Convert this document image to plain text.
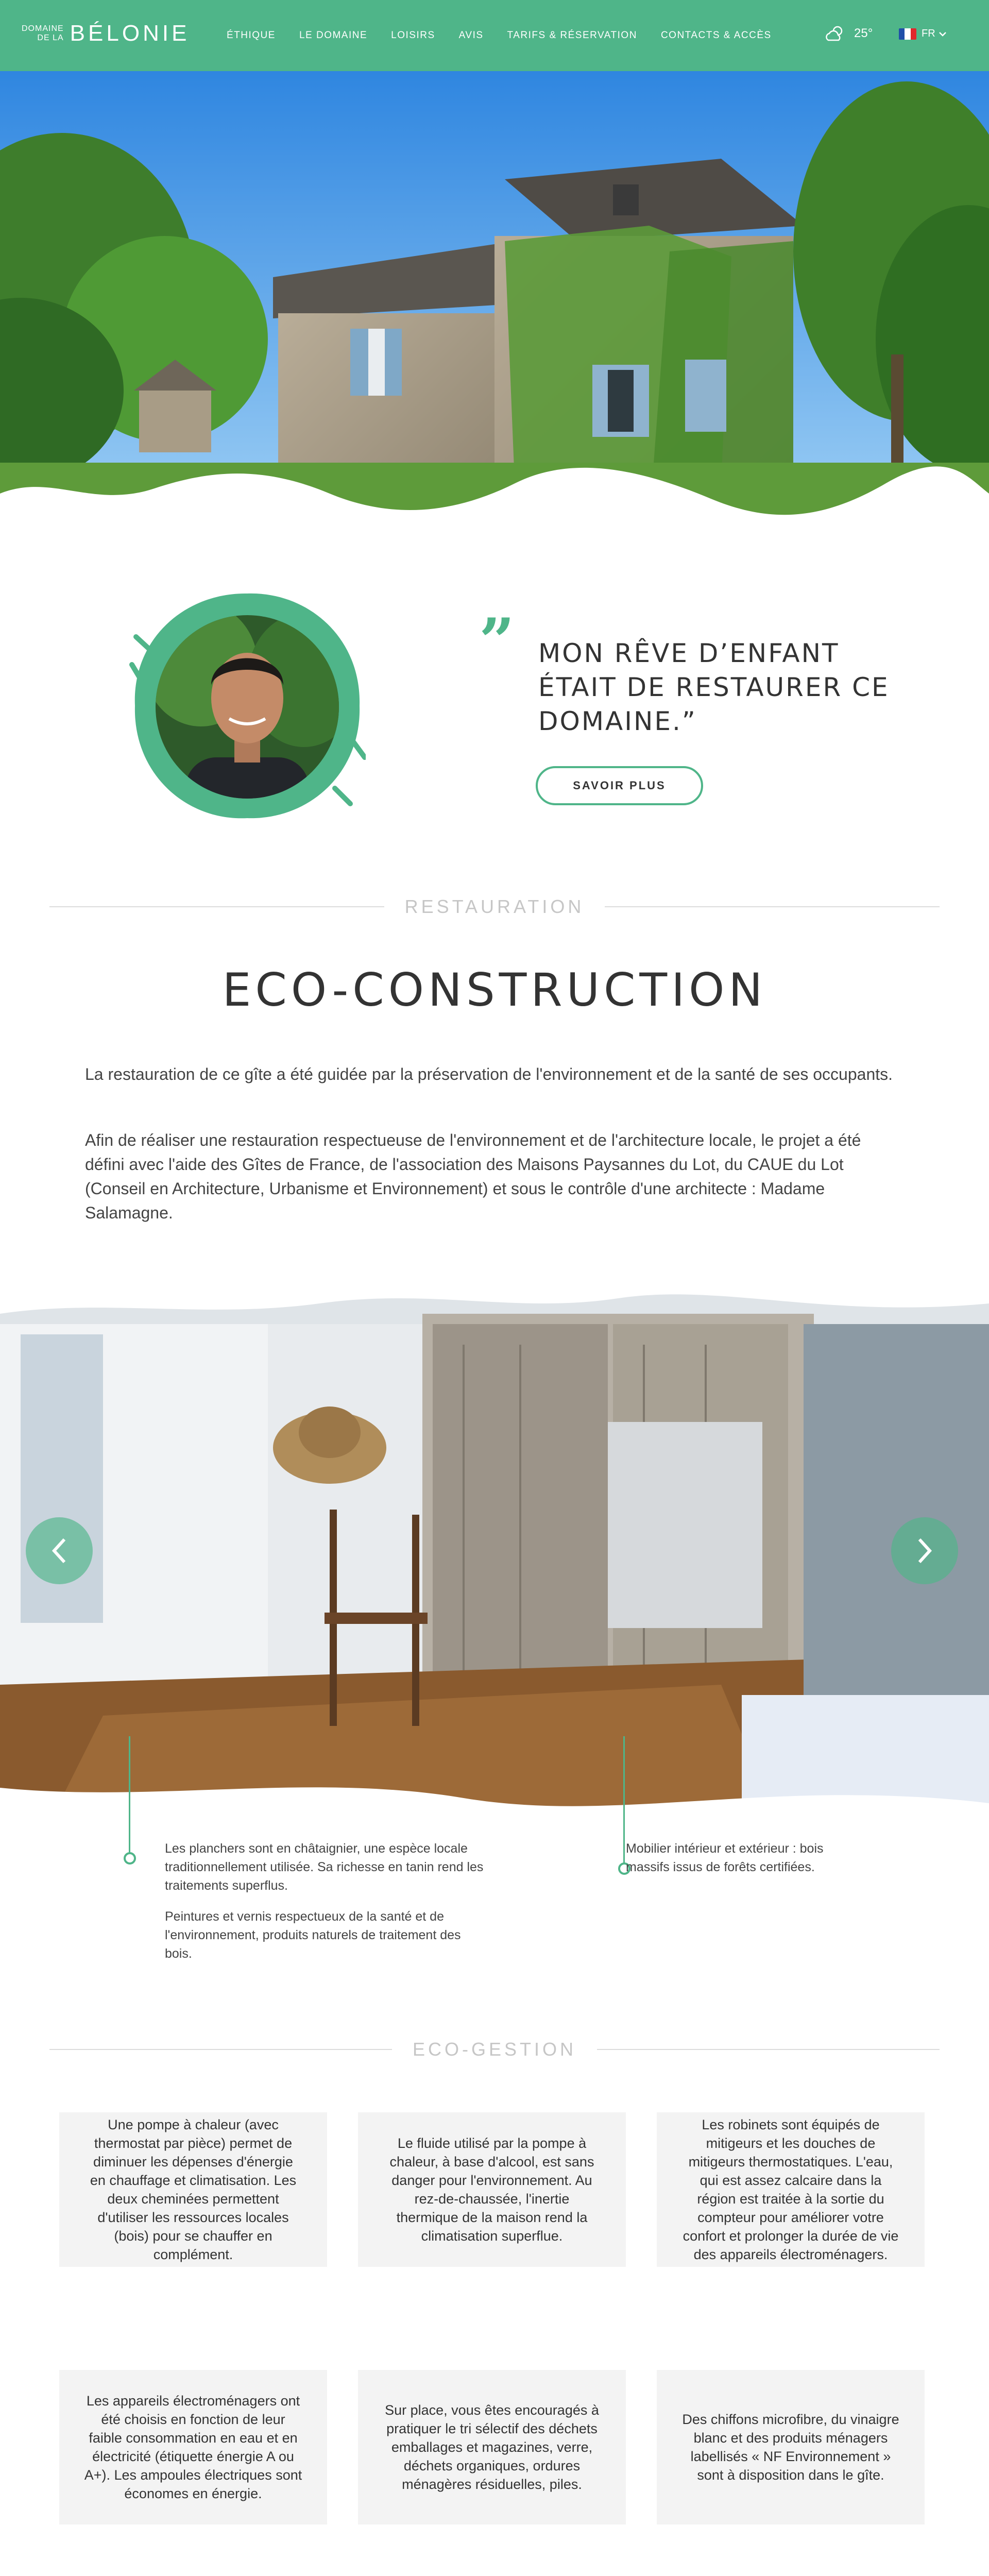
DOMAINE
DE LA BÉLONIE	ÉTHIQUE LE DOMAINE LOISIRS AVIS TARIFS & RÉSERVATION CONTACTS & ACCÈS	25°	FR
” MON RÊVE D’ENFANT ÉTAIT DE RESTAURER CE DOMAINE.”
SAVOIR PLUS
RESTAURATION
ECO-CONSTRUCTION
La restauration de ce gîte a été guidée par la préservation de l'environnement et de la santé de ses occupants.
Afin de réaliser une restauration respectueuse de l'environnement et de l'architecture locale, le projet a été défini avec l'aide des Gîtes de France, de l'association des Maisons Paysannes du Lot, du CAUE du Lot (Conseil en Architecture, Urbanisme et Environnement) et sous le contrôle d'une architecte : Madame Salamagne.
Les planchers sont en châtaignier, une espèce locale traditionnellement utilisée. Sa richesse en tanin rend les traitements superflus.
Peintures et vernis respectueux de la santé et de l'environnement, produits naturels de traitement des bois.
Mobilier intérieur et extérieur : bois massifs issus de forêts certifiées.
ECO-GESTION
Une pompe à chaleur (avec thermostat par pièce) permet de diminuer les dépenses d'énergie en chauffage et climatisation. Les deux cheminées permettent d'utiliser les ressources locales (bois) pour se chauffer en complément.
Le fluide utilisé par la pompe à chaleur, à base d'alcool, est sans danger pour l'environnement. Au rez-de-chaussée, l'inertie thermique de la maison rend la climatisation superflue.
Les robinets sont équipés de mitigeurs et les douches de mitigeurs thermostatiques. L'eau, qui est assez calcaire dans la région est traitée à la sortie du compteur pour améliorer votre confort et prolonger la durée de vie des appareils électroménagers.
Les appareils électroménagers ont été choisis en fonction de leur faible consommation en eau et en électricité (étiquette énergie A ou A+). Les ampoules électriques sont économes en énergie.
Sur place, vous êtes encouragés à pratiquer le tri sélectif des déchets emballages et magazines, verre, déchets organiques, ordures ménagères résiduelles, piles.
Des chiffons microfibre, du vinaigre blanc et des produits ménagers labellisés « NF Environnement » sont à disposition dans le gîte.
